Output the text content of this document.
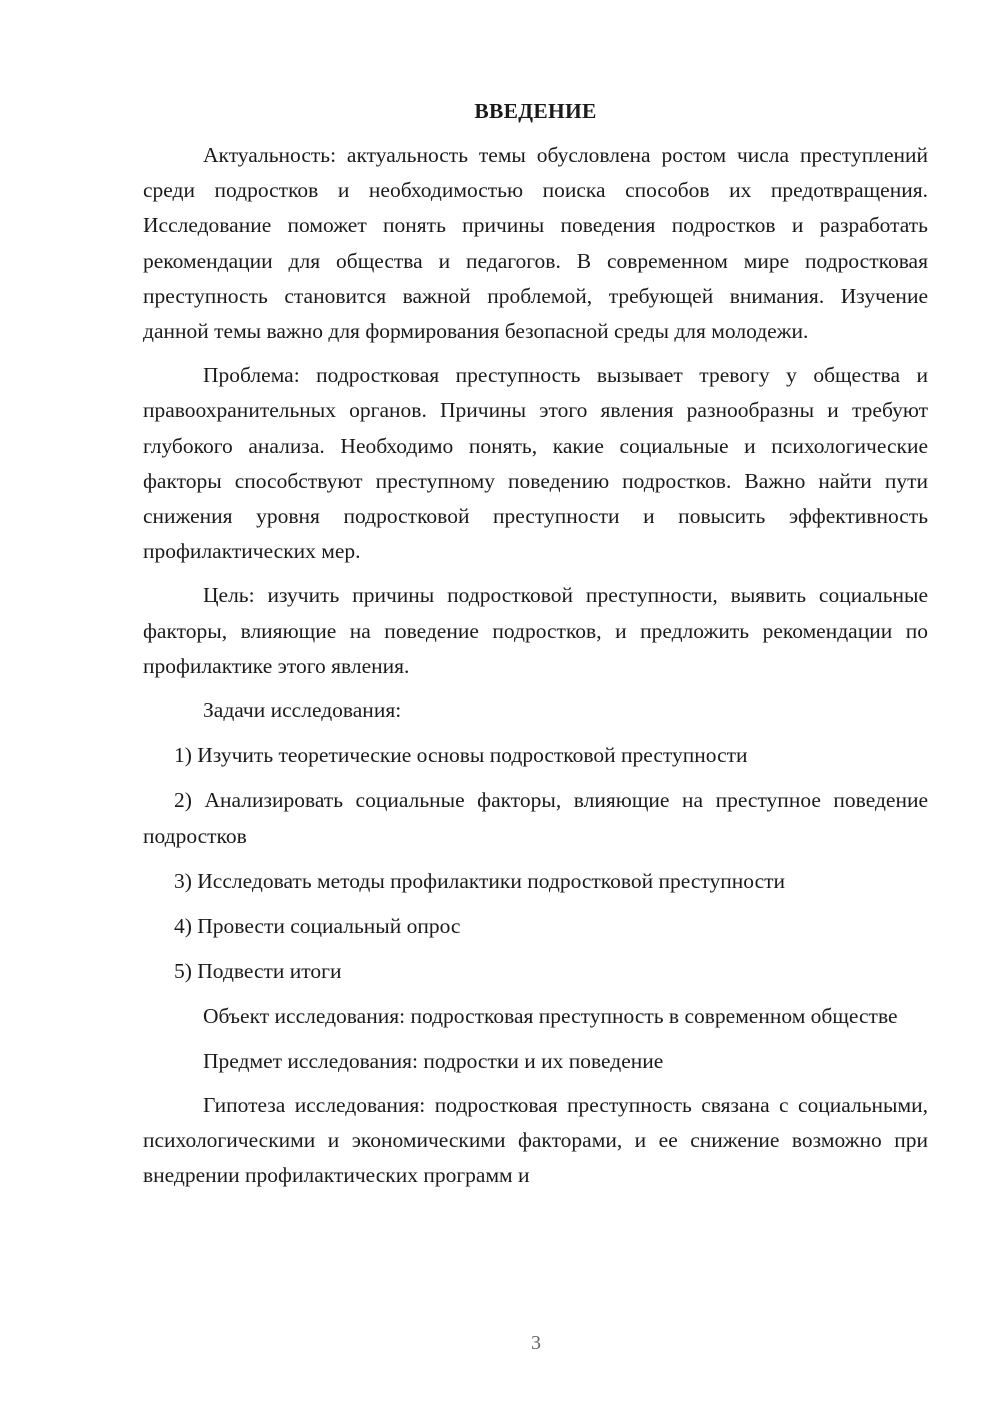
ВВЕДЕНИЕ

Актуальность: актуальность темы обусловлена ростом числа преступлений среди подростков и необходимостью поиска способов их предотвращения. Исследование поможет понять причины поведения подростков и разработать рекомендации для общества и педагогов. В современном мире подростковая преступность становится важной проблемой, требующей внимания. Изучение данной темы важно для формирования безопасной среды для молодежи.

Проблема: подростковая преступность вызывает тревогу у общества и правоохранительных органов. Причины этого явления разнообразны и требуют глубокого анализа. Необходимо понять, какие социальные и психологические факторы способствуют преступному поведению подростков. Важно найти пути снижения уровня подростковой преступности и повысить эффективность профилактических мер.

Цель: изучить причины подростковой преступности, выявить социальные факторы, влияющие на поведение подростков, и предложить рекомендации по профилактике этого явления.

Задачи исследования:

1) Изучить теоретические основы подростковой преступности

2) Анализировать социальные факторы, влияющие на преступное поведение подростков

3) Исследовать методы профилактики подростковой преступности

4) Провести социальный опрос

5) Подвести итоги

Объект исследования: подростковая преступность в современном обществе

Предмет исследования: подростки и их поведение

Гипотеза исследования: подростковая преступность связана с социальными, психологическими и экономическими факторами, и ее снижение возможно при внедрении профилактических программ и

3
